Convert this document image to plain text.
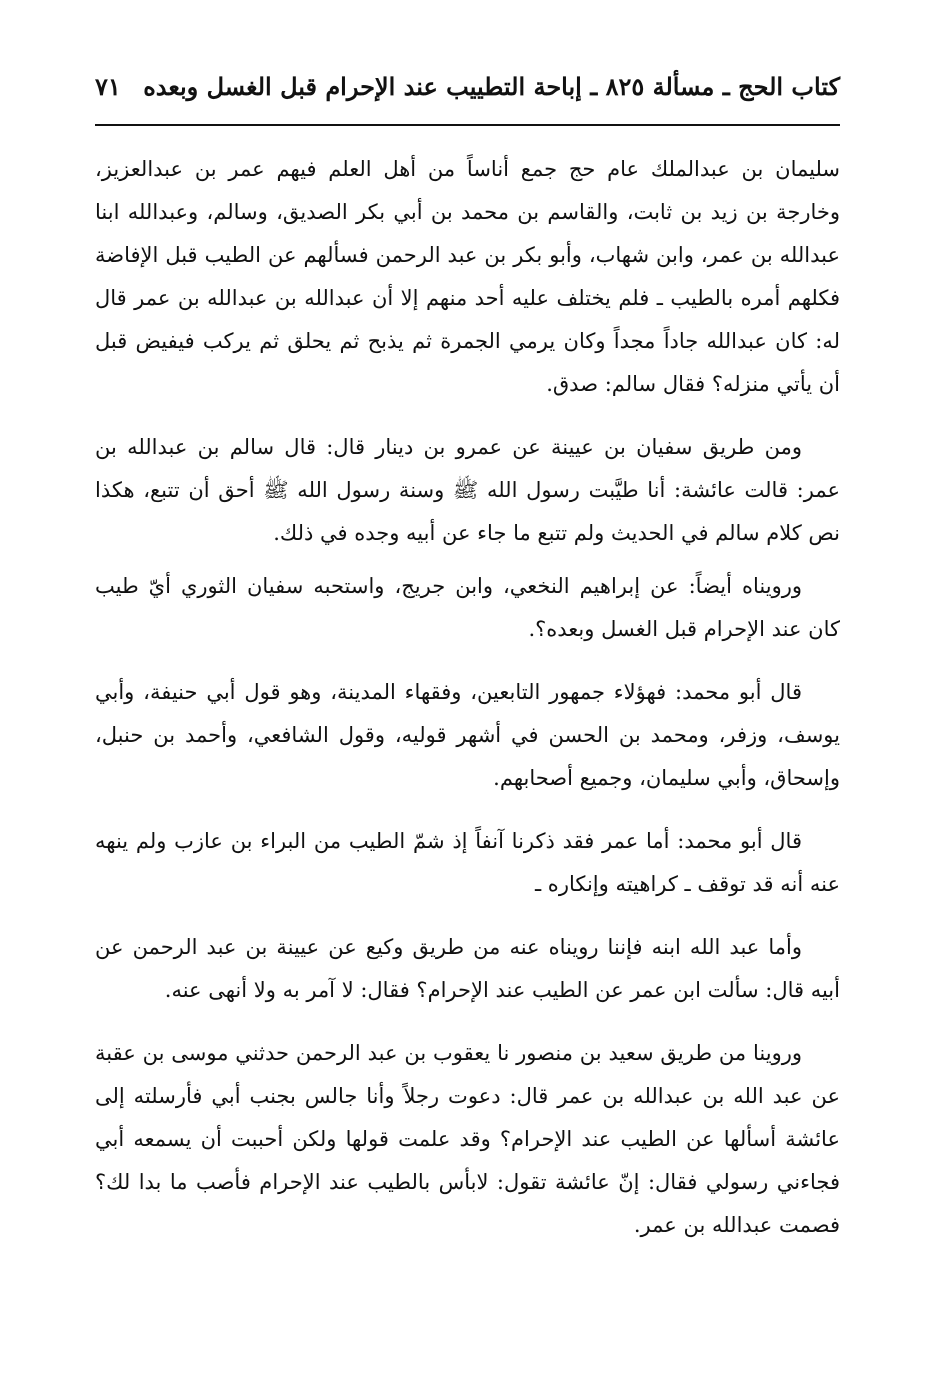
كتاب الحج ـ مسألة ٨٢٥ ـ إباحة التطييب عند الإحرام قبل الغسل وبعده
٧١

سليمان بن عبدالملك عام حج جمع أناساً من أهل العلم فيهم عمر بن عبدالعزيز، وخارجة بن زيد بن ثابت، والقاسم بن محمد بن أبي بكر الصديق، وسالم، وعبدالله ابنا عبدالله بن عمر، وابن شهاب، وأبو بكر بن عبد الرحمن فسألهم عن الطيب قبل الإفاضة فكلهم أمره بالطيب ـ فلم يختلف عليه أحد منهم إلا أن عبدالله بن عبدالله بن عمر قال له: كان عبدالله جاداً مجداً وكان يرمي الجمرة ثم يذبح ثم يحلق ثم يركب فيفيض قبل أن يأتي منزله؟ فقال سالم: صدق.

ومن طريق سفيان بن عيينة عن عمرو بن دينار قال: قال سالم بن عبدالله بن عمر: قالت عائشة: أنا طيَّبت رسول الله ﷺ وسنة رسول الله ﷺ أحق أن تتبع، هكذا نص كلام سالم في الحديث ولم تتبع ما جاء عن أبيه وجده في ذلك.

ورويناه أيضاً: عن إبراهيم النخعي، وابن جريج، واستحبه سفيان الثوري أيّ طيب كان عند الإحرام قبل الغسل وبعده؟.

قال أبو محمد: فهؤلاء جمهور التابعين، وفقهاء المدينة، وهو قول أبي حنيفة، وأبي يوسف، وزفر، ومحمد بن الحسن في أشهر قوليه، وقول الشافعي، وأحمد بن حنبل، وإسحاق، وأبي سليمان، وجميع أصحابهم.

قال أبو محمد: أما عمر فقد ذكرنا آنفاً إذ شمّ الطيب من البراء بن عازب ولم ينهه عنه أنه قد توقف ـ كراهيته وإنكاره ـ

وأما عبد الله ابنه فإننا رويناه عنه من طريق وكيع عن عيينة بن عبد الرحمن عن أبيه قال: سألت ابن عمر عن الطيب عند الإحرام؟ فقال: لا آمر به ولا أنهى عنه.

وروينا من طريق سعيد بن منصور نا يعقوب بن عبد الرحمن حدثني موسى بن عقبة عن عبد الله بن عبدالله بن عمر قال: دعوت رجلاً وأنا جالس بجنب أبي فأرسلته إلى عائشة أسألها عن الطيب عند الإحرام؟ وقد علمت قولها ولكن أحببت أن يسمعه أبي فجاءني رسولي فقال: إنّ عائشة تقول: لابأس بالطيب عند الإحرام فأصب ما بدا لك؟ فصمت عبدالله بن عمر.
